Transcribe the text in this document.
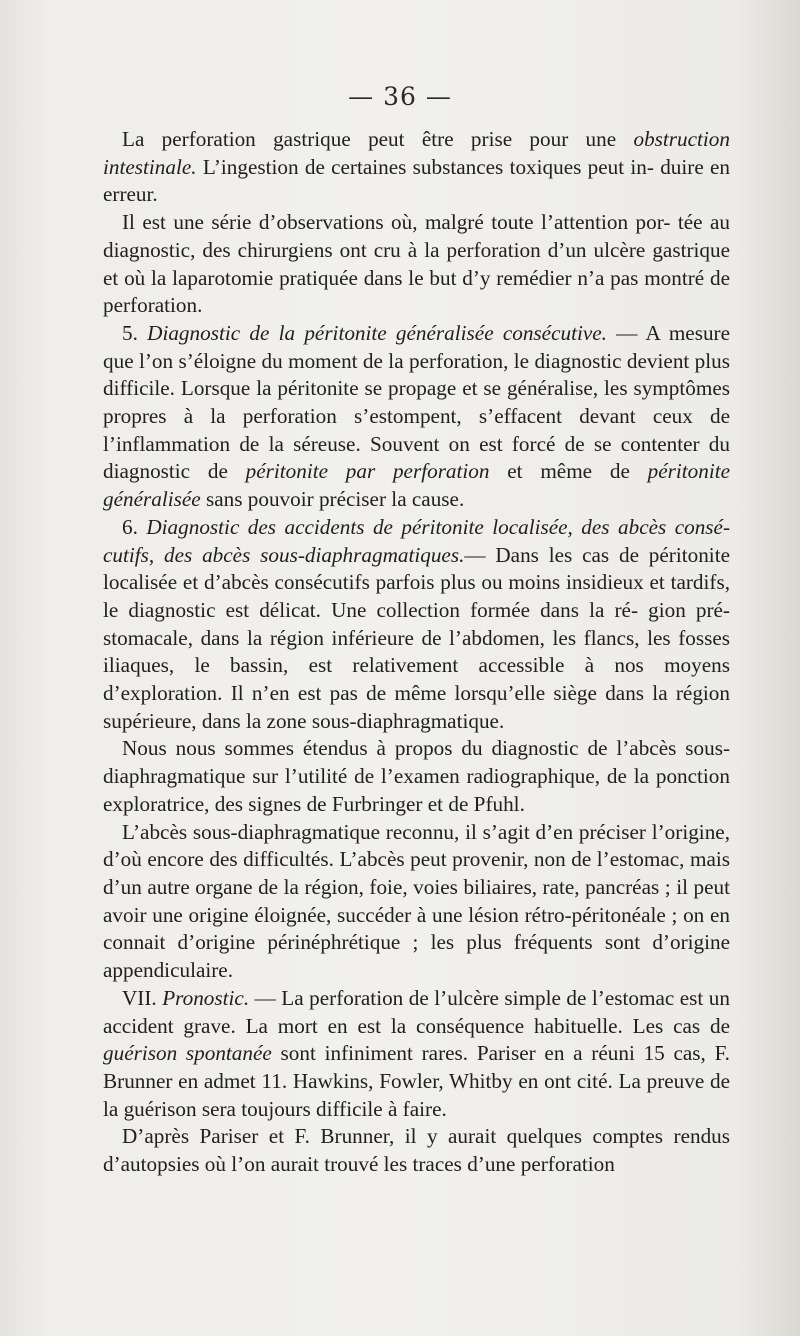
— 36 —

La perforation gastrique peut être prise pour une obstruction intestinale. L’ingestion de certaines substances toxiques peut in- duire en erreur.

Il est une série d’observations où, malgré toute l’attention por- tée au diagnostic, des chirurgiens ont cru à la perforation d’un ulcère gastrique et où la laparotomie pratiquée dans le but d’y remédier n’a pas montré de perforation.

5. Diagnostic de la péritonite généralisée consécutive. — A mesure que l’on s’éloigne du moment de la perforation, le diagnostic devient plus difficile. Lorsque la péritonite se propage et se généralise, les symptômes propres à la perforation s’estompent, s’effacent devant ceux de l’inflammation de la séreuse. Souvent on est forcé de se contenter du diagnostic de péritonite par perforation et même de péritonite généralisée sans pouvoir préciser la cause.

6. Diagnostic des accidents de péritonite localisée, des abcès consé- cutifs, des abcès sous-diaphragmatiques.— Dans les cas de péritonite localisée et d’abcès consécutifs parfois plus ou moins insidieux et tardifs, le diagnostic est délicat. Une collection formée dans la ré- gion pré-stomacale, dans la région inférieure de l’abdomen, les flancs, les fosses iliaques, le bassin, est relativement accessible à nos moyens d’exploration. Il n’en est pas de même lorsqu’elle siège dans la région supérieure, dans la zone sous-diaphragmatique.

Nous nous sommes étendus à propos du diagnostic de l’abcès sous-diaphragmatique sur l’utilité de l’examen radiographique, de la ponction exploratrice, des signes de Furbringer et de Pfuhl.

L’abcès sous-diaphragmatique reconnu, il s’agit d’en préciser l’origine, d’où encore des difficultés. L’abcès peut provenir, non de l’estomac, mais d’un autre organe de la région, foie, voies biliaires, rate, pancréas ; il peut avoir une origine éloignée, succéder à une lésion rétro-péritonéale ; on en connait d’origine périnéphrétique ; les plus fréquents sont d’origine appendiculaire.

VII. Pronostic. — La perforation de l’ulcère simple de l’estomac est un accident grave. La mort en est la conséquence habituelle. Les cas de guérison spontanée sont infiniment rares. Pariser en a réuni 15 cas, F. Brunner en admet 11. Hawkins, Fowler, Whitby en ont cité. La preuve de la guérison sera toujours difficile à faire.

D’après Pariser et F. Brunner, il y aurait quelques comptes rendus d’autopsies où l’on aurait trouvé les traces d’une perforation
